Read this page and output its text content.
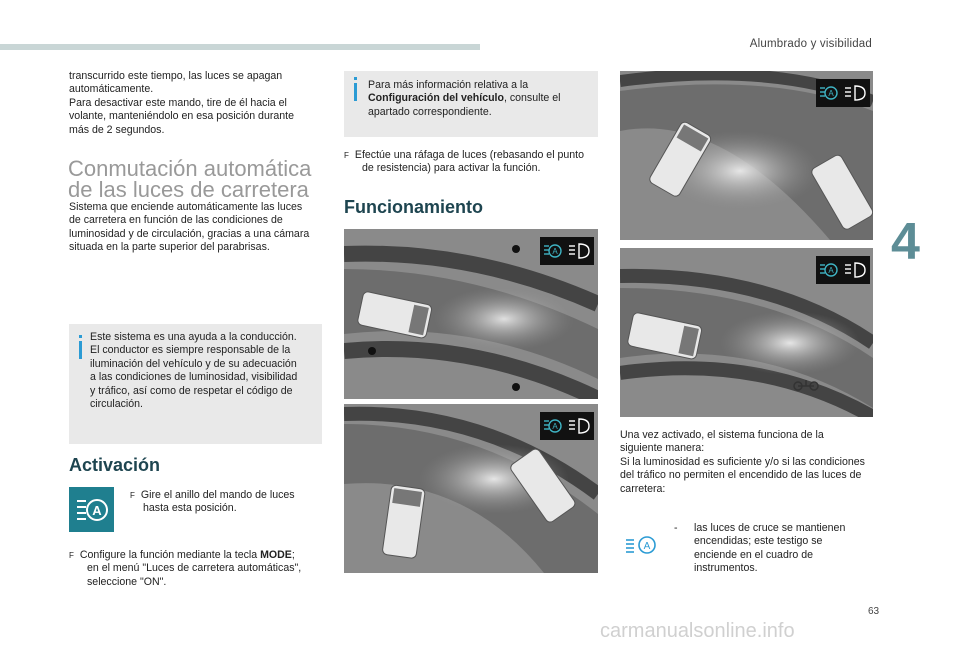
Alumbrado y visibilidad
4
transcurrido este tiempo, las luces se apagan
automáticamente.
Para desactivar este mando, tire de él hacia el
volante, manteniéndolo en esa posición durante
más de 2 segundos.
Conmutación automática
de las luces de carretera
Sistema que enciende automáticamente las luces
de carretera en función de las condiciones de
luminosidad y de circulación, gracias a una cámara
situada en la parte superior del parabrisas.
Este sistema es una ayuda a la conducción.
El conductor es siempre responsable de la
iluminación del vehículo y de su adecuación
a las condiciones de luminosidad, visibilidad
y tráfico, así como de respetar el código de
circulación.
Activación
A
F Gire el anillo del mando de luces
hasta esta posición.
F Configure la función mediante la tecla MODE;
en el menú "Luces de carretera automáticas",
seleccione "ON".
Para más información relativa a la
Configuración del vehículo, consulte el
apartado correspondiente.
F Efectúe una ráfaga de luces (rebasando el punto
de resistencia) para activar la función.
Funcionamiento
A
A
A
A
Una vez activado, el sistema funciona de la
siguiente manera:
Si la luminosidad es suficiente y/o si las condiciones
del tráfico no permiten el encendido de las luces de
carretera:
A
-	las luces de cruce se mantienen
encendidas; este testigo se
enciende en el cuadro de
instrumentos.
63
carmanualsonline.info
